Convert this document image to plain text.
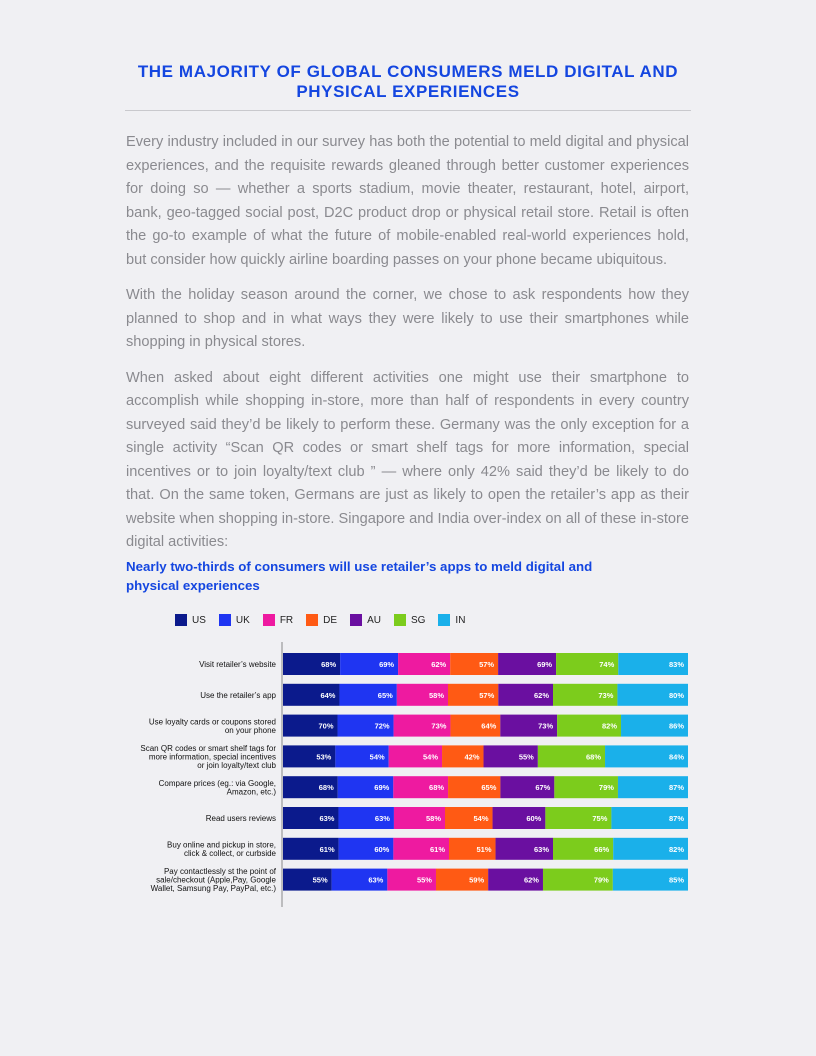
THE MAJORITY OF GLOBAL CONSUMERS MELD DIGITAL AND PHYSICAL EXPERIENCES

Every industry included in our survey has both the potential to meld digital and physical experiences, and the requisite rewards gleaned through better customer experiences for doing so — whether a sports stadium, movie theater, restaurant, hotel, airport, bank, geo-tagged social post, D2C product drop or physical retail store. Retail is often the go-to example of what the future of mobile-enabled real-world experiences hold, but consider how quickly airline boarding passes on your phone became ubiquitous.

With the holiday season around the corner, we chose to ask respondents how they planned to shop and in what ways they were likely to use their smartphones while shopping in physical stores.

When asked about eight different activities one might use their smartphone to accomplish while shopping in-store, more than half of respondents in every country surveyed said they’d be likely to perform these. Germany was the only exception for a single activity “Scan QR codes or smart shelf tags for more information, special incentives or to join loyalty/text club ” — where only 42% said they’d be likely to do that. On the same token, Germans are just as likely to open the retailer’s app as their website when shopping in-store. Singapore and India over-index on all of these in-store digital activities:

Nearly two-thirds of consumers will use retailer’s apps to meld digital and physical experiences
US	UK	FR	DE	AU	SG	IN
Visit retailer’s website	68%	69%	62%	57%	69%	74%	83%
Use the retailer’s app	64%	65%	58%	57%	62%	73%	80%
Use loyalty cards or coupons stored
on your phone	70%	72%	73%	64%	73%	82%	86%
Scan QR codes or smart shelf tags for
more information, special incentives
or join loyalty/text club
53%	54%	54%	42%	55%	68%	84%
Compare prices (eg.: via Google,
Amazon, etc.)	68%	69%	68%	65%	67%	79%	87%
Read users reviews	63%	63%	58%	54%	60%	75%	87%
Buy online and pickup in store,
click & collect, or curbside	61%	60%	61%	51%	63%	66%	82%
Pay contactlessly st the point of
sale/checkout (Apple,Pay, Google
Wallet, Samsung Pay, PayPal, etc.)
55%	63%	55%	59%	62%	79%	85%
